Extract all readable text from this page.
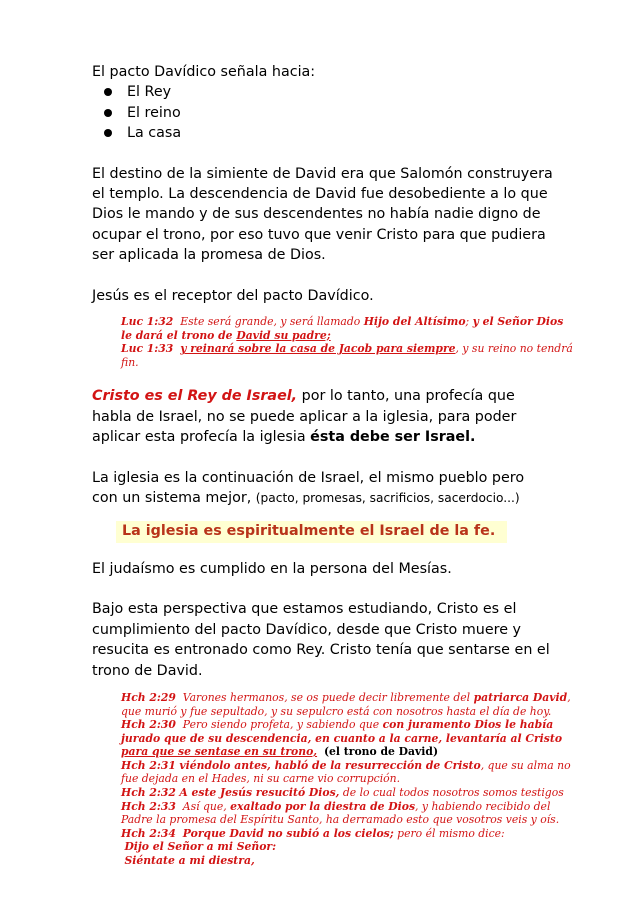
El pacto Davídico señala hacia:

El Rey
El reino
La casa

El destino de la simiente de David era que Salomón construyera

el templo. La descendencia de David fue desobediente a lo que

Dios le mando y de sus descendentes no había nadie digno de

ocupar el trono, por eso tuvo que venir Cristo para que pudiera

ser aplicada la promesa de Dios.

Jesús es el receptor del pacto Davídico.

Luc 1:32 Este será grande, y será llamado Hijo del Altísimo; y el Señor Dios
le dará el trono de David su padre;
Luc 1:33 y reinará sobre la casa de Jacob para siempre, y su reino no tendrá
fin.

Cristo es el Rey de Israel, por lo tanto, una profecía que

habla de Israel, no se puede aplicar a la iglesia, para poder

aplicar esta profecía la iglesia ésta debe ser Israel.

La iglesia es la continuación de Israel, el mismo pueblo pero

con un sistema mejor, (pacto, promesas, sacrificios, sacerdocio...)

La iglesia es espiritualmente el Israel de la fe.

El judaísmo es cumplido en la persona del Mesías.

Bajo esta perspectiva que estamos estudiando, Cristo es el

cumplimiento del pacto Davídico, desde que Cristo muere y

resucita es entronado como Rey. Cristo tenía que sentarse en el

trono de David.

Hch 2:29 Varones hermanos, se os puede decir libremente del patriarca David,
que murió y fue sepultado, y su sepulcro está con nosotros hasta el día de hoy.
Hch 2:30 Pero siendo profeta, y sabiendo que con juramento Dios le había
jurado que de su descendencia, en cuanto a la carne, levantaría al Cristo
para que se sentase en su trono, (el trono de David)
Hch 2:31 viéndolo antes, habló de la resurrección de Cristo, que su alma no
fue dejada en el Hades, ni su carne vio corrupción.
Hch 2:32 A este Jesús resucitó Dios, de lo cual todos nosotros somos testigos
Hch 2:33 Así que, exaltado por la diestra de Dios, y habiendo recibido del
Padre la promesa del Espíritu Santo, ha derramado esto que vosotros veis y oís.
Hch 2:34 Porque David no subió a los cielos; pero él mismo dice:
Dijo el Señor a mi Señor:
Siéntate a mi diestra,
